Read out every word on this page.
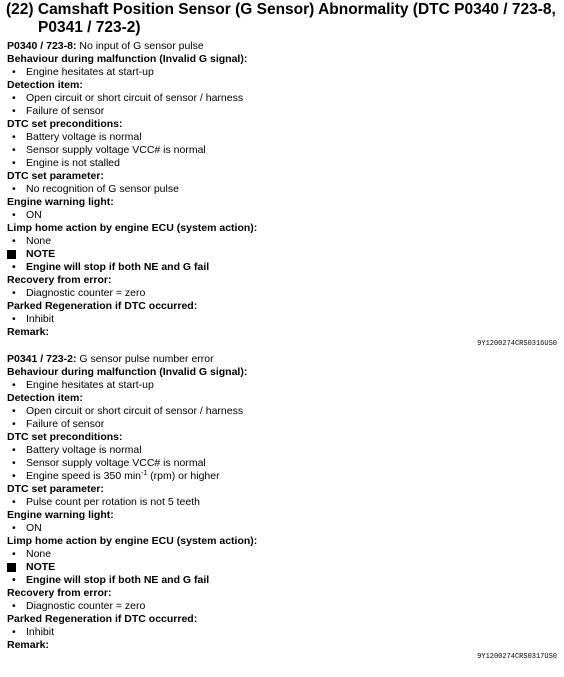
(22) Camshaft Position Sensor (G Sensor) Abnormality (DTC P0340 / 723-8,
P0341 / 723-2)
P0340 / 723-8: No input of G sensor pulse
Behaviour during malfunction (Invalid G signal):
• Engine hesitates at start-up
Detection item:
• Open circuit or short circuit of sensor / harness
• Failure of sensor
DTC set preconditions:
• Battery voltage is normal
• Sensor supply voltage VCC# is normal
• Engine is not stalled
DTC set parameter:
• No recognition of G sensor pulse
Engine warning light:
• ON
Limp home action by engine ECU (system action):
• None
NOTE
• Engine will stop if both NE and G fail
Recovery from error:
• Diagnostic counter = zero
Parked Regeneration if DTC occurred:
• Inhibit
Remark:
9Y1200274CRS0316US0
P0341 / 723-2: G sensor pulse number error
Behaviour during malfunction (Invalid G signal):
• Engine hesitates at start-up
Detection item:
• Open circuit or short circuit of sensor / harness
• Failure of sensor
DTC set preconditions:
• Battery voltage is normal
• Sensor supply voltage VCC# is normal
• Engine speed is 350 $\min^{-1} (rpm)$ or higher
DTC set parameter:
• Pulse count per rotation is not 5 teeth
Engine warning light:
• ON
Limp home action by engine ECU (system action):
• None
NOTE
• Engine will stop if both NE and G fail
Recovery from error:
• Diagnostic counter = zero
Parked Regeneration if DTC occurred:
• Inhibit
Remark:
9Y1200274CRS0317US0
